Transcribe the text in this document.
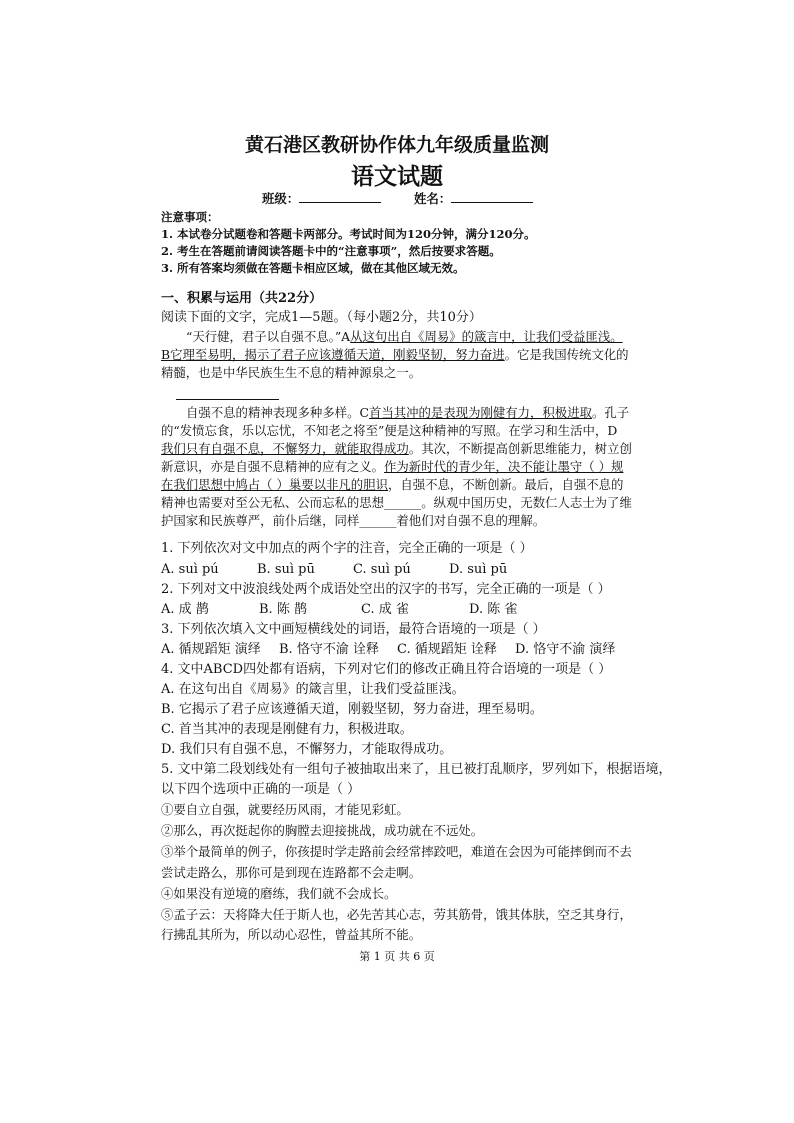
黄石港区教研协作体九年级质量监测
语文试题
班级：	姓名：
注意事项：
1. 本试卷分试题卷和答题卡两部分。考试时间为120分钟，满分120分。
2. 考生在答题前请阅读答题卡中的“注意事项”，然后按要求答题。
3. 所有答案均须做在答题卡相应区域，做在其他区域无效。
一、积累与运用（共22分）
阅读下面的文字，完成1—5题。（每小题2分，共10分）
“天行健，君子以自强不息。”A从这句出自《周易》的箴言中，让我们受益匪浅。
B它理至易明，揭示了君子应该遵循天道，刚毅坚韧，努力奋进。它是我国传统文化的
精髓，也是中华民族生生不息的精神源泉之一。
自强不息的精神表现多种多样。C首当其冲的是表现为刚健有力，积极进取。孔子
的“发愤忘食，乐以忘忧，不知老之将至”便是这种精神的写照。在学习和生活中，D
我们只有自强不息，不懈努力，就能取得成功。其次，不断提高创新思维能力，树立创
新意识，亦是自强不息精神的应有之义。作为新时代的青少年，决不能让墨守（ ）规
在我们思想中鸠占（ ）巢要以非凡的胆识，自强不息，不断创新。最后，自强不息的
精神也需要对至公无私、公而忘私的思想______。纵观中国历史，无数仁人志士为了维
护国家和民族尊严，前仆后继，同样______着他们对自强不息的理解。
1. 下列依次对文中加点的两个字的注音，完全正确的一项是（ ）
A. suì pú	B. suì pū	C. suì pú	D. suì pū
2. 下列对文中波浪线处两个成语处空出的汉字的书写，完全正确的一项是（ ）
A. 成 鹊	B. 陈 鹊	C. 成 雀	D. 陈 雀
3. 下列依次填入文中画短横线处的词语，最符合语境的一项是（ ）
A. 循规蹈矩 演绎 B. 恪守不渝 诠释 C. 循规蹈矩 诠释 D. 恪守不渝 演绎
4. 文中ABCD四处都有语病，下列对它们的修改正确且符合语境的一项是（ ）
A. 在这句出自《周易》的箴言里，让我们受益匪浅。
B. 它揭示了君子应该遵循天道，刚毅坚韧，努力奋进，理至易明。
C. 首当其冲的表现是刚健有力，积极进取。
D. 我们只有自强不息，不懈努力，才能取得成功。
5. 文中第二段划线处有一组句子被抽取出来了，且已被打乱顺序，罗列如下，根据语境，
以下四个选项中正确的一项是（ ）
①要自立自强，就要经历风雨，才能见彩虹。
②那么，再次挺起你的胸膛去迎接挑战，成功就在不远处。
③举个最简单的例子，你孩提时学走路前会经常摔跤吧，难道在会因为可能摔倒而不去
尝试走路么，那你可是到现在连路都不会走啊。
④如果没有逆境的磨练，我们就不会成长。
⑤孟子云：天将降大任于斯人也，必先苦其心志，劳其筋骨，饿其体肤，空乏其身行，
行拂乱其所为，所以动心忍性，曾益其所不能。
第 1 页 共 6 页
